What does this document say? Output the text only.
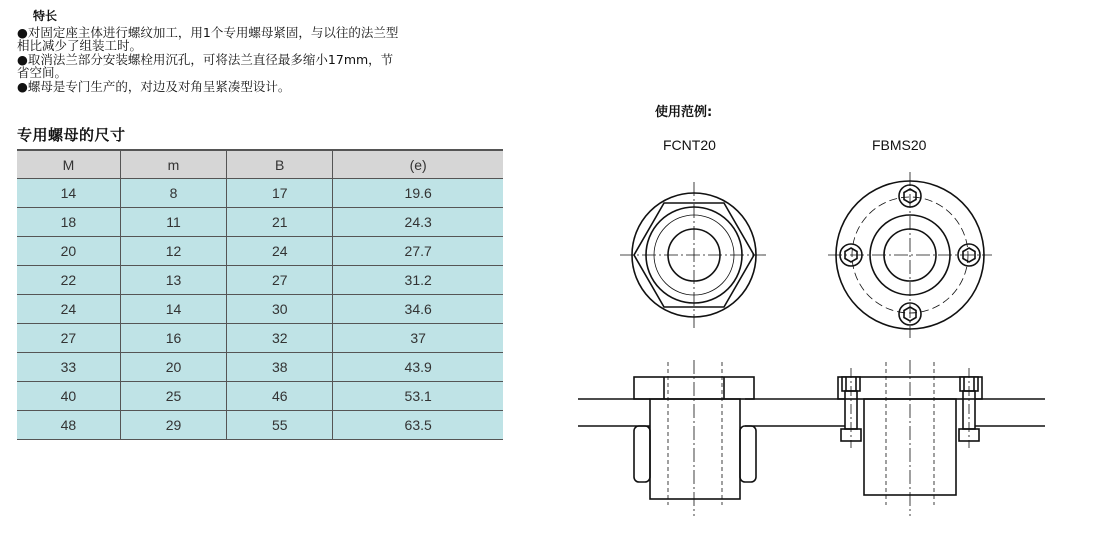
特长

●对固定座主体进行螺纹加工，用1个专用螺母紧固，与以往的法兰型

相比减少了组装工时。

●取消法兰部分安装螺栓用沉孔，可将法兰直径最多缩小17mm，节

省空间。

●螺母是专门生产的，对边及对角呈紧凑型设计。

专用螺母的尺寸
M	m	B	(e)
14	8	17	19.6
18	11	21	24.3
20	12	24	27.7
22	13	27	31.2
24	14	30	34.6
27	16	32	37
33	20	38	43.9
40	25	46	53.1
48	29	55	63.5
使用范例:
FCNT20	FBMS20
